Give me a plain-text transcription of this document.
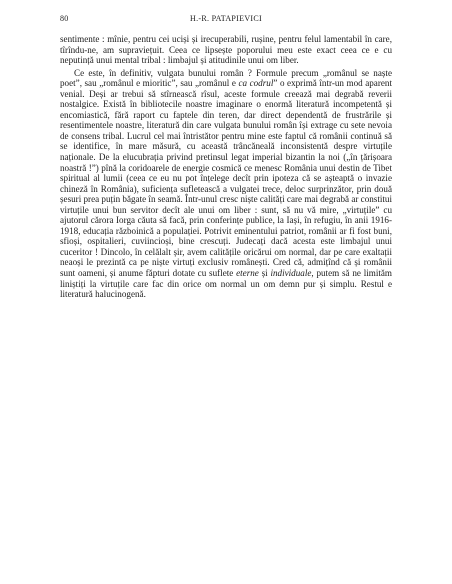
80	H.-R. PATAPIEVICI

sentimente : mînie, pentru cei uciși și irecuperabili, rușine, pentru felul lamentabil în care, tîrîndu-ne, am supraviețuit. Ceea ce lipsește poporului meu este exact ceea ce e cu neputință unui mental tribal : limbajul și atitudinile unui om liber.

Ce este, în definitiv, vulgata bunului român ? Formule precum „românul se naște poet”, sau „românul e mioritic”, sau „românul e ca codrul” o exprimă într-un mod aparent venial. Deși ar trebui să stîrnească rîsul, aceste formule creează mai degrabă reverii nostalgice. Există în bibliotecile noastre imaginare o enormă literatură incompetentă și encomiastică, fără raport cu faptele din teren, dar direct dependentă de frustrările și resentimentele noastre, literatură din care vulgata bunului român își extrage cu sete nevoia de consens tribal. Lucrul cel mai întristător pentru mine este faptul că românii continuă să se identifice, în mare măsură, cu această trâncăneală inconsistentă despre virtuțile naționale. De la elucubrația privind pretinsul legat imperial bizantin la noi („în țărișoara noastră !”) pînă la coridoarele de energie cosmică ce menesc România unui destin de Tibet spiritual al lumii (ceea ce eu nu pot înțelege decît prin ipoteza că se așteaptă o invazie chineză în România), suficiența sufletească a vulgatei trece, deloc surprinzător, prin două șesuri prea puțin băgate în seamă. Într-unul cresc niște calități care mai degrabă ar constitui virtuțile unui bun servitor decît ale unui om liber : sunt, să nu vă mire, „virtuțile” cu ajutorul cărora Iorga căuta să facă, prin conferințe publice, la Iași, în refugiu, în anii 1916-1918, educația războinică a populației. Potrivit eminentului patriot, românii ar fi fost buni, sfioși, ospitalieri, cuviincioși, bine crescuți. Judecați dacă acesta este limbajul unui cuceritor ! Dincolo, în celălalt șir, avem calitățile oricărui om normal, dar pe care exaltații neaoși le prezintă ca pe niște virtuți exclusiv românești. Cred că, admițînd că și românii sunt oameni, și anume făpturi dotate cu suflete eterne și individuale, putem să ne limităm liniștiți la virtuțile care fac din orice om normal un om demn pur și simplu. Restul e literatură halucinogenă.
